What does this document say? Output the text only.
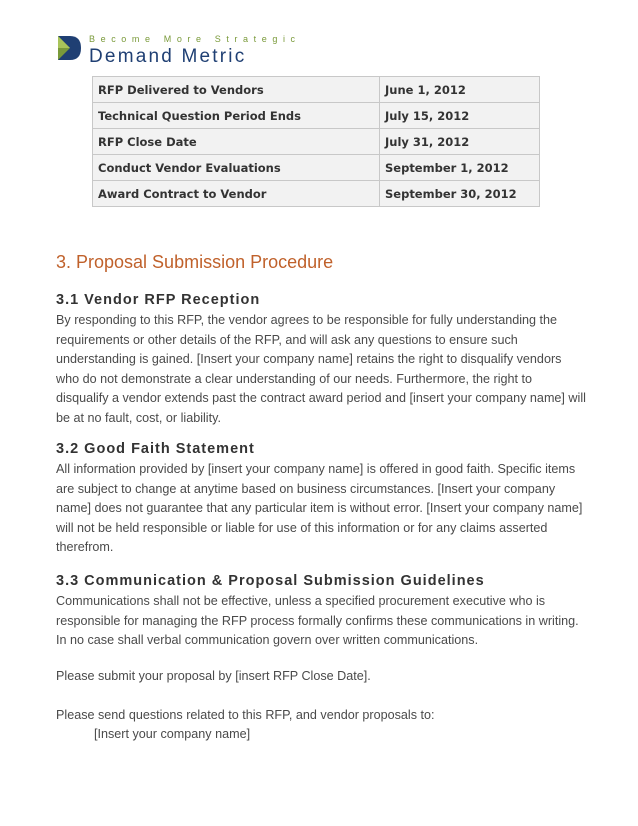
Become More Strategic
Demand Metric
RFP Delivered to Vendors	June 1, 2012
Technical Question Period Ends	July 15, 2012
RFP Close Date	July 31, 2012
Conduct Vendor Evaluations	September 1, 2012
Award Contract to Vendor	September 30, 2012
3. Proposal Submission Procedure
3.1 Vendor RFP Reception

By responding to this RFP, the vendor agrees to be responsible for fully understanding the requirements or other details of the RFP, and will ask any questions to ensure such understanding is gained. [Insert your company name] retains the right to disqualify vendors who do not demonstrate a clear understanding of our needs. Furthermore, the right to disqualify a vendor extends past the contract award period and [insert your company name] will be at no fault, cost, or liability.

3.2 Good Faith Statement

All information provided by [insert your company name] is offered in good faith. Specific items are subject to change at anytime based on business circumstances. [Insert your company name] does not guarantee that any particular item is without error. [Insert your company name] will not be held responsible or liable for use of this information or for any claims asserted therefrom.

3.3 Communication & Proposal Submission Guidelines

Communications shall not be effective, unless a specified procurement executive who is responsible for managing the RFP process formally confirms these communications in writing. In no case shall verbal communication govern over written communications.

Please submit your proposal by [insert RFP Close Date].

Please send questions related to this RFP, and vendor proposals to:

[Insert your company name]
